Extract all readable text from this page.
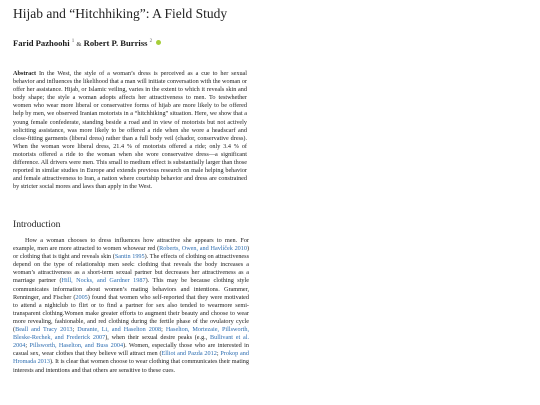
Hijab and “Hitchhiking”: A Field Study
Farid Pazhoohi $^1$ & Robert P. Burriss $^2$

Abstract In the West, the style of a woman’s dress is perceived as a cue to her sexual behavior and influences the likelihood that a man will initiate conversation with the woman or offer her assistance. Hijab, or Islamic veiling, varies in the extent to which it reveals skin and body shape; the style a woman adopts affects her attractiveness to men. To testwhether women who wear more liberal or conservative forms of hijab are more likely to be offered help by men, we observed Iranian motorists in a “hitchhiking” situation. Here, we show that a young female confederate, standing beside a road and in view of motorists but not actively soliciting assistance, was more likely to be offered a ride when she wore a headscarf and close-fitting garments (liberal dress) rather than a full body veil (chador, conservative dress). When the woman wore liberal dress, 21.4 % of motorists offered a ride; only 3.4 % of motorists offered a ride to the woman when she wore conservative dress—a significant difference. All drivers were men. This small to medium effect is substantially larger than those reported in similar studies in Europe and extends previous research on male helping behavior and female attractiveness to Iran, a nation where courtship behavior and dress are constrained by stricter social mores and laws than apply in the West.

Introduction

How a woman chooses to dress influences how attractive she appears to men. For example, men are more attracted to women whowear red (Roberts, Owen, and Havlíček 2010) or clothing that is tight and reveals skin (Santin 1995). The effects of clothing on attractiveness depend on the type of relationship men seek: clothing that reveals the body increases a woman’s attractiveness as a short-term sexual partner but decreases her attractiveness as a marriage partner (Hill, Nocks, and Gardner 1987). This may be because clothing style communicates information about women’s mating behaviors and intentions. Grammer, Renninger, and Fischer (2005) found that women who self-reported that they were motivated to attend a nightclub to flirt or to find a partner for sex also tended to wearmore semi-transparent clothing.Women make greater efforts to augment their beauty and choose to wear more revealing, fashionable, and red clothing during the fertile phase of the ovulatory cycle (Beall and Tracy 2013; Durante, Li, and Haselton 2008; Haselton, Mortezaie, Pillsworth, Bleske-Rechek, and Frederick 2007), when their sexual desire peaks (e.g., Bullivant et al. 2004; Pillsworth, Haselton, and Buss 2004). Women, especially those who are interested in casual sex, wear clothes that they believe will attract men (Elliot and Pazda 2012; Prokop and Hromada 2013). It is clear that women choose to wear clothing that communicates their mating interests and intentions and that others are sensitive to these cues.
